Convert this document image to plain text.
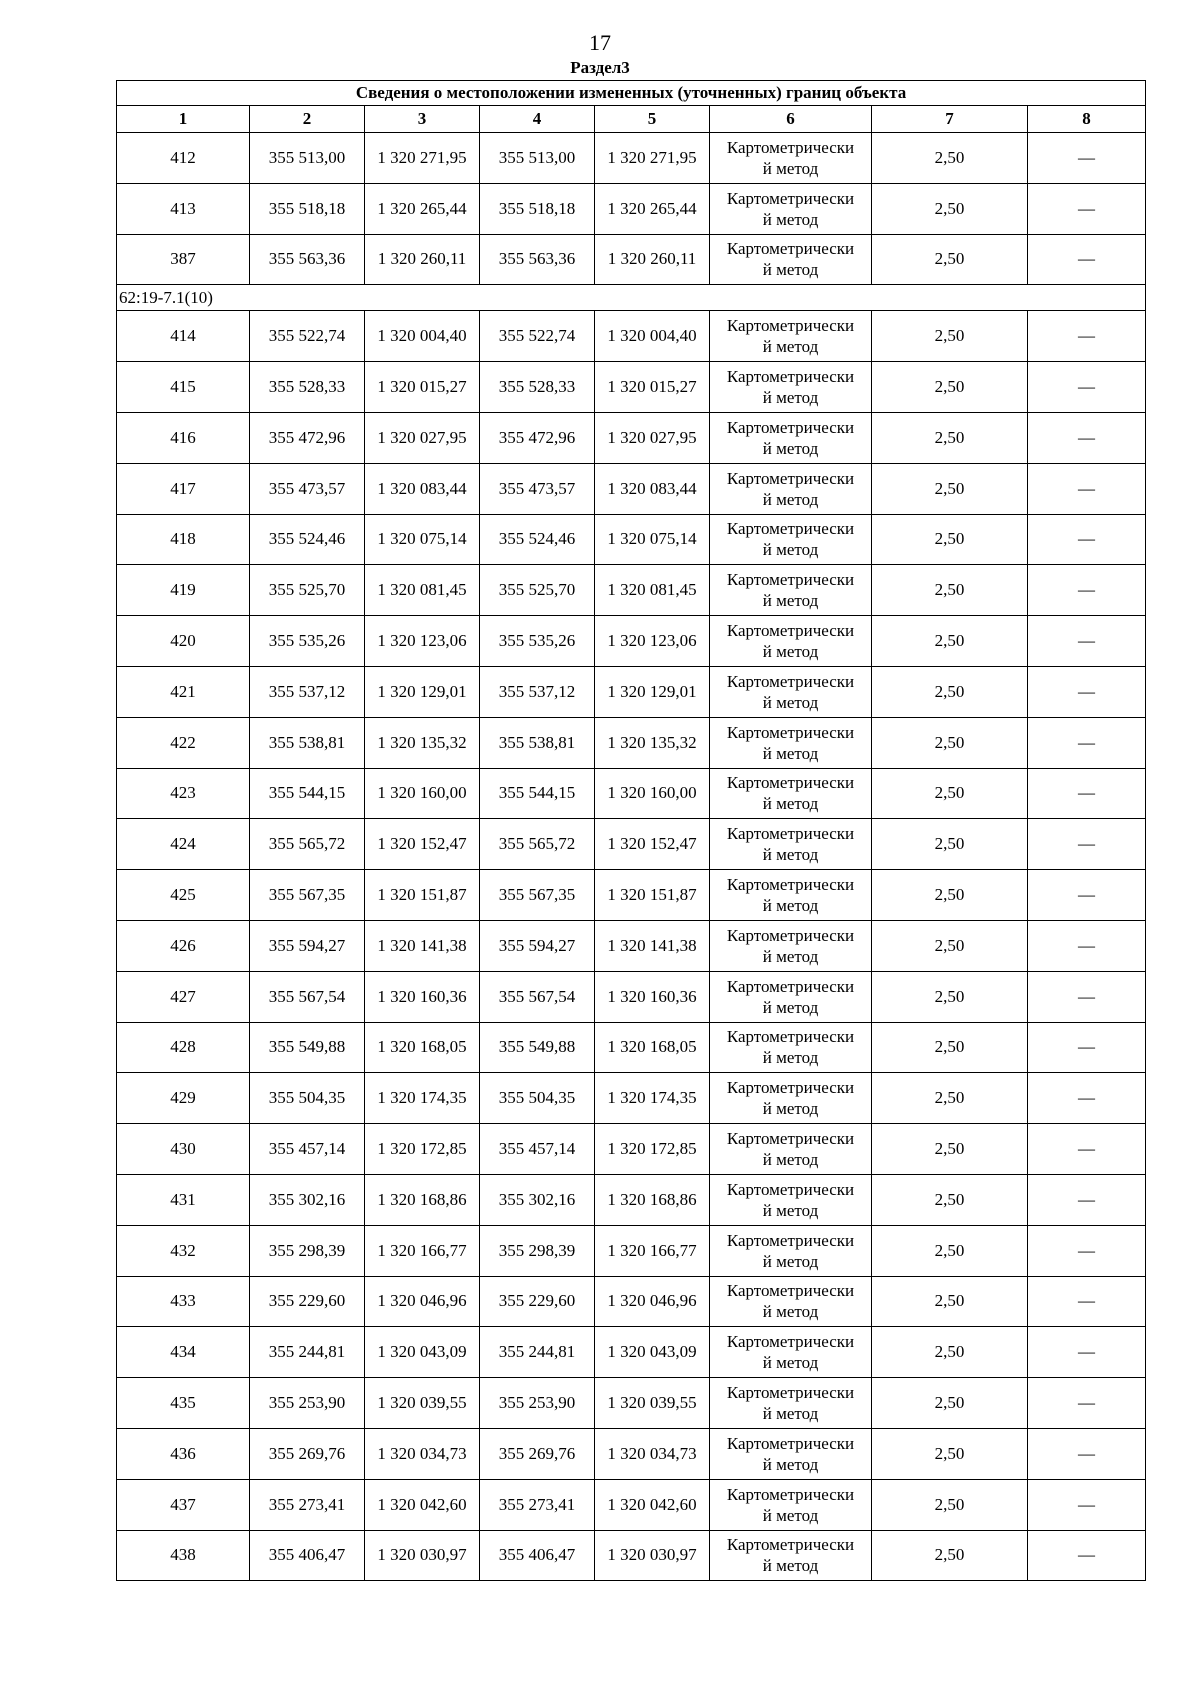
17
Раздел3
Сведения о местоположении измененных (уточненных) границ объекта							
1	2	3	4	5	6	7	8
412	355 513,00	1 320 271,95	355 513,00	1 320 271,95	Картометрически
й метод	2,50	—
413	355 518,18	1 320 265,44	355 518,18	1 320 265,44	Картометрически
й метод	2,50	—
387	355 563,36	1 320 260,11	355 563,36	1 320 260,11	Картометрически
й метод	2,50	—
62:19-7.1(10)							
414	355 522,74	1 320 004,40	355 522,74	1 320 004,40	Картометрически
й метод	2,50	—
415	355 528,33	1 320 015,27	355 528,33	1 320 015,27	Картометрически
й метод	2,50	—
416	355 472,96	1 320 027,95	355 472,96	1 320 027,95	Картометрически
й метод	2,50	—
417	355 473,57	1 320 083,44	355 473,57	1 320 083,44	Картометрически
й метод	2,50	—
418	355 524,46	1 320 075,14	355 524,46	1 320 075,14	Картометрически
й метод	2,50	—
419	355 525,70	1 320 081,45	355 525,70	1 320 081,45	Картометрически
й метод	2,50	—
420	355 535,26	1 320 123,06	355 535,26	1 320 123,06	Картометрически
й метод	2,50	—
421	355 537,12	1 320 129,01	355 537,12	1 320 129,01	Картометрически
й метод	2,50	—
422	355 538,81	1 320 135,32	355 538,81	1 320 135,32	Картометрически
й метод	2,50	—
423	355 544,15	1 320 160,00	355 544,15	1 320 160,00	Картометрически
й метод	2,50	—
424	355 565,72	1 320 152,47	355 565,72	1 320 152,47	Картометрически
й метод	2,50	—
425	355 567,35	1 320 151,87	355 567,35	1 320 151,87	Картометрически
й метод	2,50	—
426	355 594,27	1 320 141,38	355 594,27	1 320 141,38	Картометрически
й метод	2,50	—
427	355 567,54	1 320 160,36	355 567,54	1 320 160,36	Картометрически
й метод	2,50	—
428	355 549,88	1 320 168,05	355 549,88	1 320 168,05	Картометрически
й метод	2,50	—
429	355 504,35	1 320 174,35	355 504,35	1 320 174,35	Картометрически
й метод	2,50	—
430	355 457,14	1 320 172,85	355 457,14	1 320 172,85	Картометрически
й метод	2,50	—
431	355 302,16	1 320 168,86	355 302,16	1 320 168,86	Картометрически
й метод	2,50	—
432	355 298,39	1 320 166,77	355 298,39	1 320 166,77	Картометрически
й метод	2,50	—
433	355 229,60	1 320 046,96	355 229,60	1 320 046,96	Картометрически
й метод	2,50	—
434	355 244,81	1 320 043,09	355 244,81	1 320 043,09	Картометрически
й метод	2,50	—
435	355 253,90	1 320 039,55	355 253,90	1 320 039,55	Картометрически
й метод	2,50	—
436	355 269,76	1 320 034,73	355 269,76	1 320 034,73	Картометрически
й метод	2,50	—
437	355 273,41	1 320 042,60	355 273,41	1 320 042,60	Картометрически
й метод	2,50	—
438	355 406,47	1 320 030,97	355 406,47	1 320 030,97	Картометрически
й метод	2,50	—
